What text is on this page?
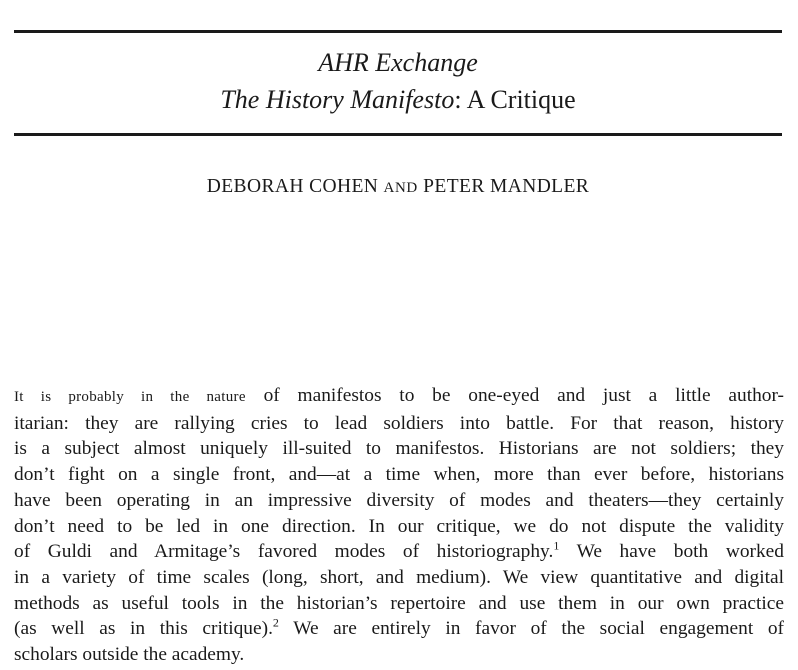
AHR Exchange
The History Manifesto: A Critique
DEBORAH COHEN AND PETER MANDLER
It is probably in the nature of manifestos to be one-eyed and just a little author-
itarian: they are rallying cries to lead soldiers into battle. For that reason, history
is a subject almost uniquely ill-suited to manifestos. Historians are not soldiers; they
don’t fight on a single front, and—at a time when, more than ever before, historians
have been operating in an impressive diversity of modes and theaters—they certainly
don’t need to be led in one direction. In our critique, we do not dispute the validity
of Guldi and Armitage’s favored modes of historiography.$^1$ We have both worked
in a variety of time scales (long, short, and medium). We view quantitative and digital
methods as useful tools in the historian’s repertoire and use them in our own practice
(as well as in this critique).$^2$ We are entirely in favor of the social engagement of
scholars outside the academy.
